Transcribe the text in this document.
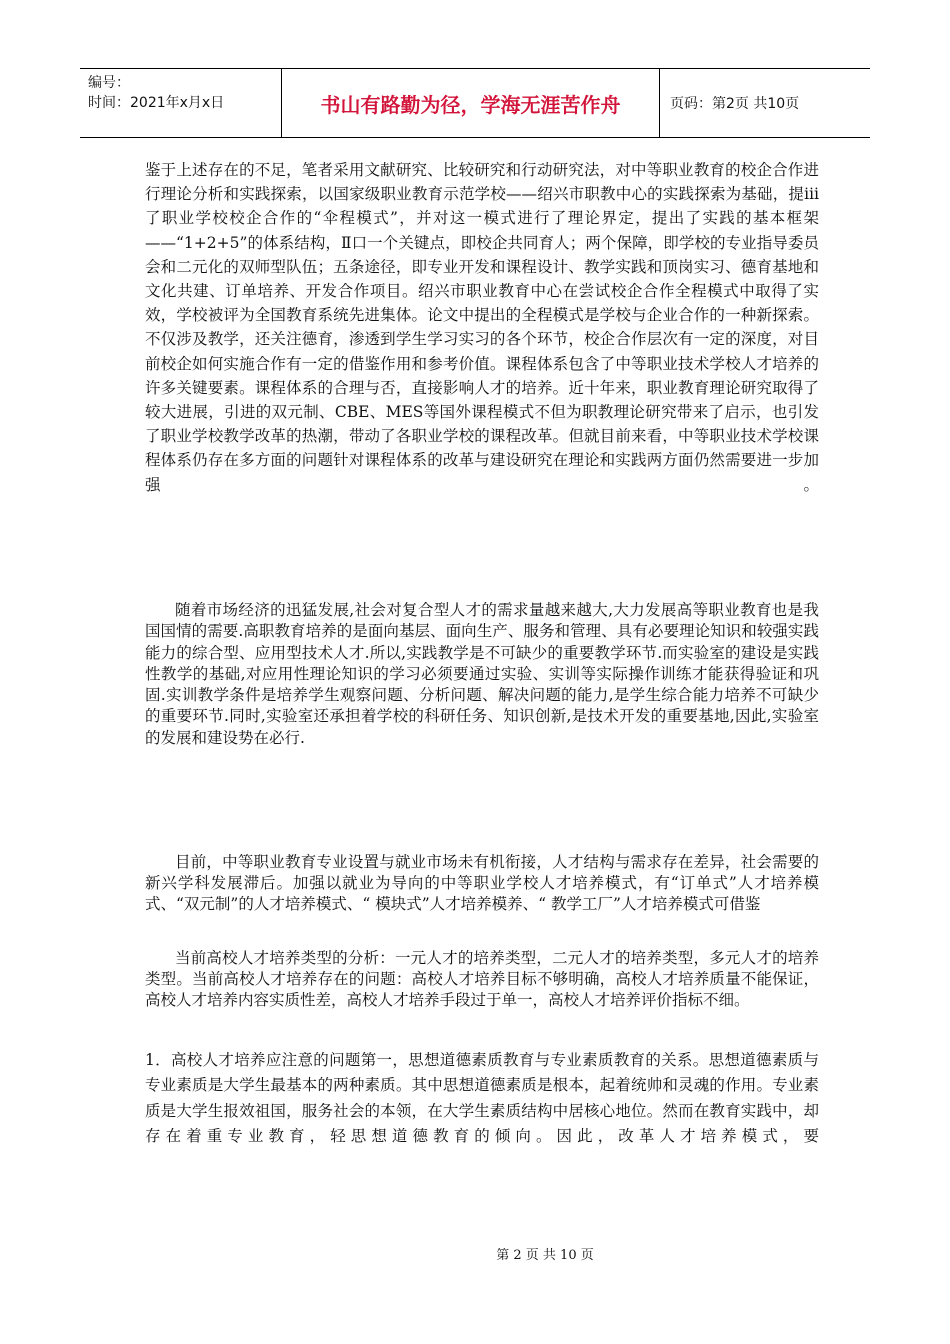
编号：
时间：2021年x月x日	书山有路勤为径，学海无涯苦作舟	页码：第2页 共10页

鉴于上述存在的不足，笔者采用文献研究、比较研究和行动研究法，对中等职业教育的校企合作进行理论分析和实践探索，以国家级职业教育示范学校——绍兴市职教中心的实践探索为基础，提ⅲ了职业学校校企合作的“伞程模式”，并对这一模式进行了理论界定，提出了实践的基本框架——“1+2+5”的体系结构，Ⅱ口一个关键点，即校企共同育人；两个保障，即学校的专业指导委员会和二元化的双师型队伍；五条途径，即专业开发和课程设计、教学实践和顶岗实习、德育基地和文化共建、订单培养、开发合作项目。绍兴市职业教育中心在尝试校企合作全程模式中取得了实效，学校被评为全国教育系统先进集体。论文中提出的全程模式是学校与企业合作的一种新探索。不仅涉及教学，还关注德育，渗透到学生学习实习的各个环节，校企合作层次有一定的深度，对目前校企如何实施合作有一定的借鉴作用和参考价值。课程体系包含了中等职业技术学校人才培养的许多关键要素。课程体系的合理与否，直接影响人才的培养。近十年来，职业教育理论研究取得了较大进展，引进的双元制、CBE、MES等国外课程模式不但为职教理论研究带来了启示，也引发了职业学校教学改革的热潮，带动了各职业学校的课程改革。但就目前来看，中等职业技术学校课程体系仍存在多方面的问题针对课程体系的改革与建设研究在理论和实践两方面仍然需要进一步加强。

随着市场经济的迅猛发展,社会对复合型人才的需求量越来越大,大力发展高等职业教育也是我国国情的需要.高职教育培养的是面向基层、面向生产、服务和管理、具有必要理论知识和较强实践能力的综合型、应用型技术人才.所以,实践教学是不可缺少的重要教学环节.而实验室的建设是实践性教学的基础,对应用性理论知识的学习必须要通过实验、实训等实际操作训练才能获得验证和巩固.实训教学条件是培养学生观察问题、分析问题、解决问题的能力,是学生综合能力培养不可缺少的重要环节.同时,实验室还承担着学校的科研任务、知识创新,是技术开发的重要基地,因此,实验室的发展和建设势在必行.

目前，中等职业教育专业设置与就业市场未有机衔接，人才结构与需求存在差异，社会需要的新兴学科发展滞后。加强以就业为导向的中等职业学校人才培养模式，有“订单式”人才培养模式、“双元制”的人才培养模式、“ 模块式”人才培养模养、“ 教学工厂”人才培养模式可借鉴

当前高校人才培养类型的分析：一元人才的培养类型，二元人才的培养类型，多元人才的培养类型。当前高校人才培养存在的问题：高校人才培养目标不够明确，高校人才培养质量不能保证，高校人才培养内容实质性差，高校人才培养手段过于单一，高校人才培养评价指标不细。

1．高校人才培养应注意的问题第一，思想道德素质教育与专业素质教育的关系。思想道德素质与专业素质是大学生最基本的两种素质。其中思想道德素质是根本，起着统帅和灵魂的作用。专业素质是大学生报效祖国，服务社会的本领，在大学生素质结构中居核心地位。然而在教育实践中，却存在着重专业教育，轻思想道德教育的倾向。因此，改革人才培养模式，要

第 2 页 共 10 页
